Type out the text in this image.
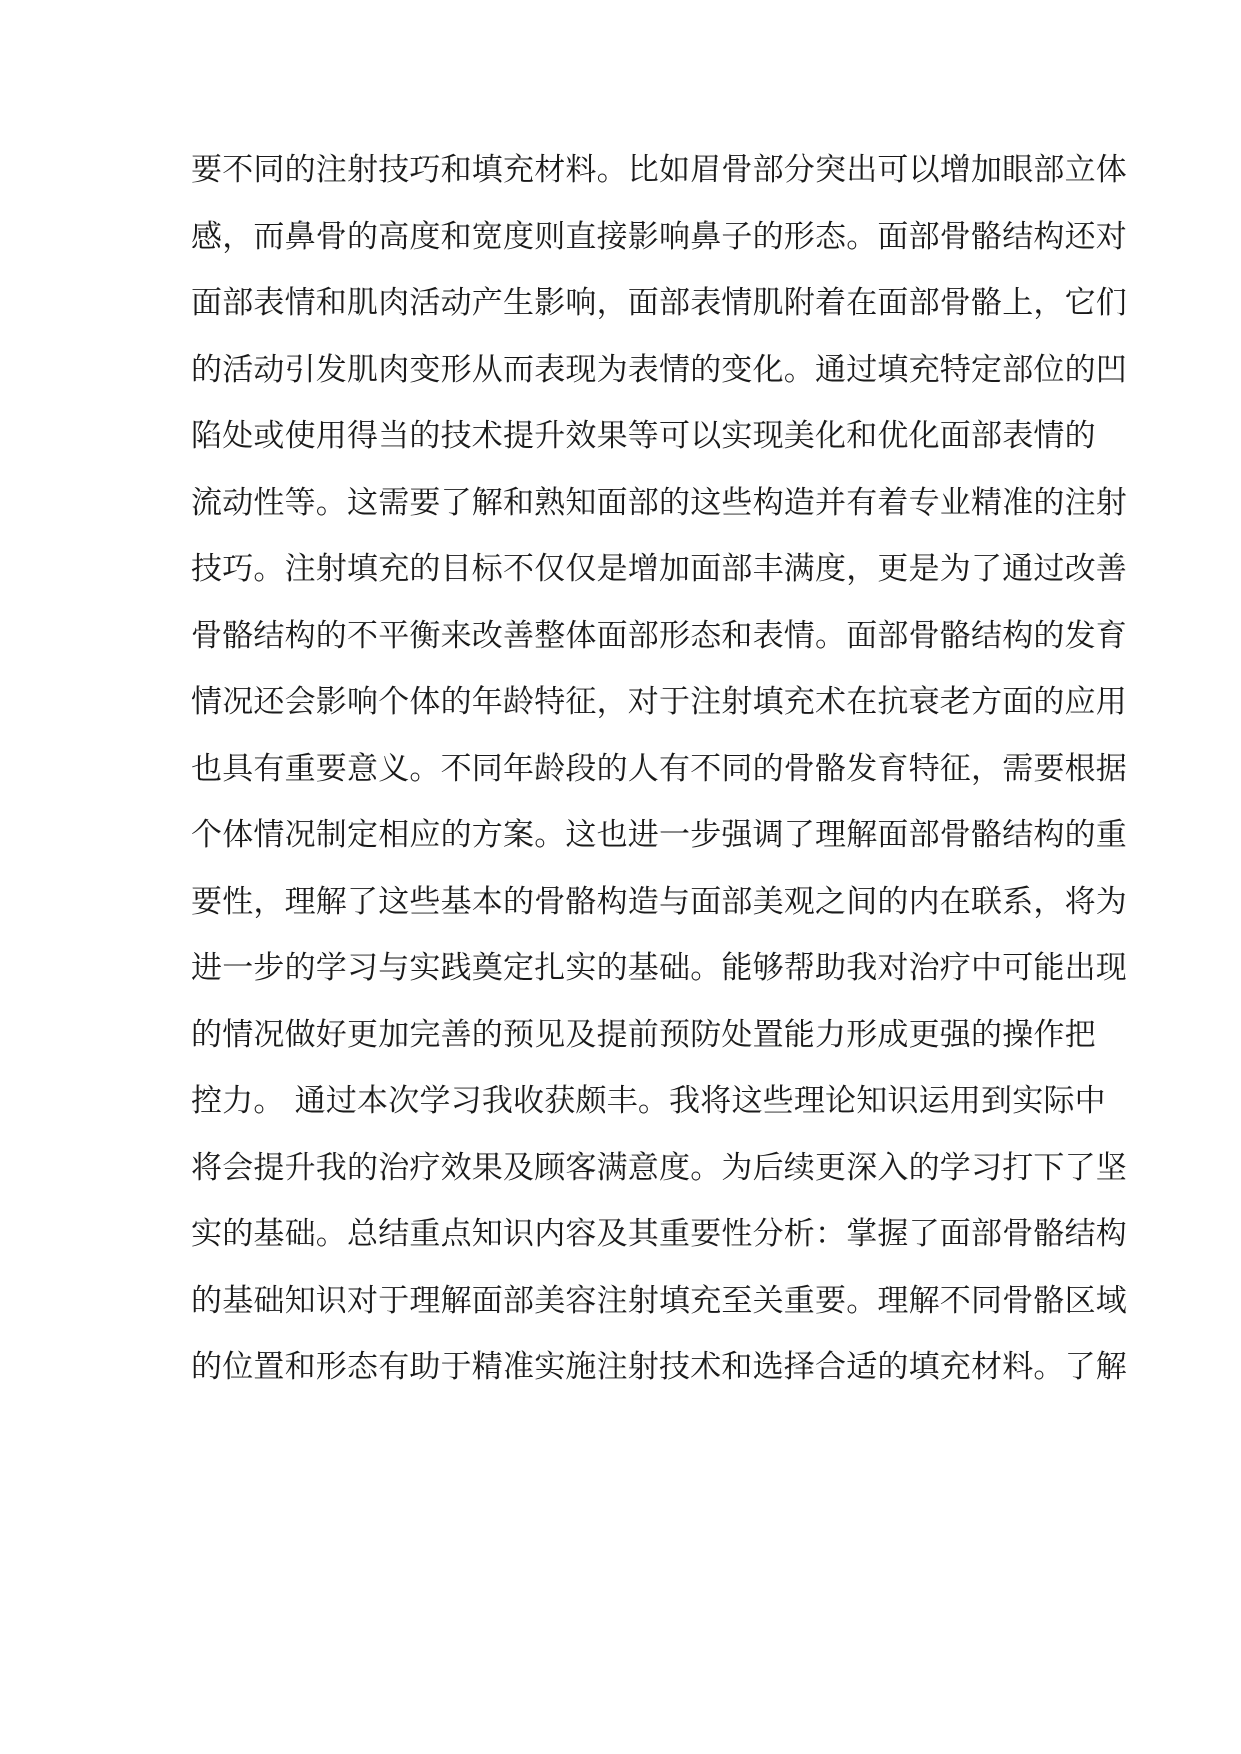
要不同的注射技巧和填充材料。比如眉骨部分突出可以增加眼部立体
感，而鼻骨的高度和宽度则直接影响鼻子的形态。面部骨骼结构还对
面部表情和肌肉活动产生影响，面部表情肌附着在面部骨骼上，它们
的活动引发肌肉变形从而表现为表情的变化。通过填充特定部位的凹
陷处或使用得当的技术提升效果等可以实现美化和优化面部表情的
流动性等。这需要了解和熟知面部的这些构造并有着专业精准的注射
技巧。注射填充的目标不仅仅是增加面部丰满度，更是为了通过改善
骨骼结构的不平衡来改善整体面部形态和表情。面部骨骼结构的发育
情况还会影响个体的年龄特征，对于注射填充术在抗衰老方面的应用
也具有重要意义。不同年龄段的人有不同的骨骼发育特征，需要根据
个体情况制定相应的方案。这也进一步强调了理解面部骨骼结构的重
要性，理解了这些基本的骨骼构造与面部美观之间的内在联系，将为
进一步的学习与实践奠定扎实的基础。能够帮助我对治疗中可能出现
的情况做好更加完善的预见及提前预防处置能力形成更强的操作把
控力。 通过本次学习我收获颇丰。我将这些理论知识运用到实际中
将会提升我的治疗效果及顾客满意度。为后续更深入的学习打下了坚
实的基础。总结重点知识内容及其重要性分析：掌握了面部骨骼结构
的基础知识对于理解面部美容注射填充至关重要。理解不同骨骼区域
的位置和形态有助于精准实施注射技术和选择合适的填充材料。了解
